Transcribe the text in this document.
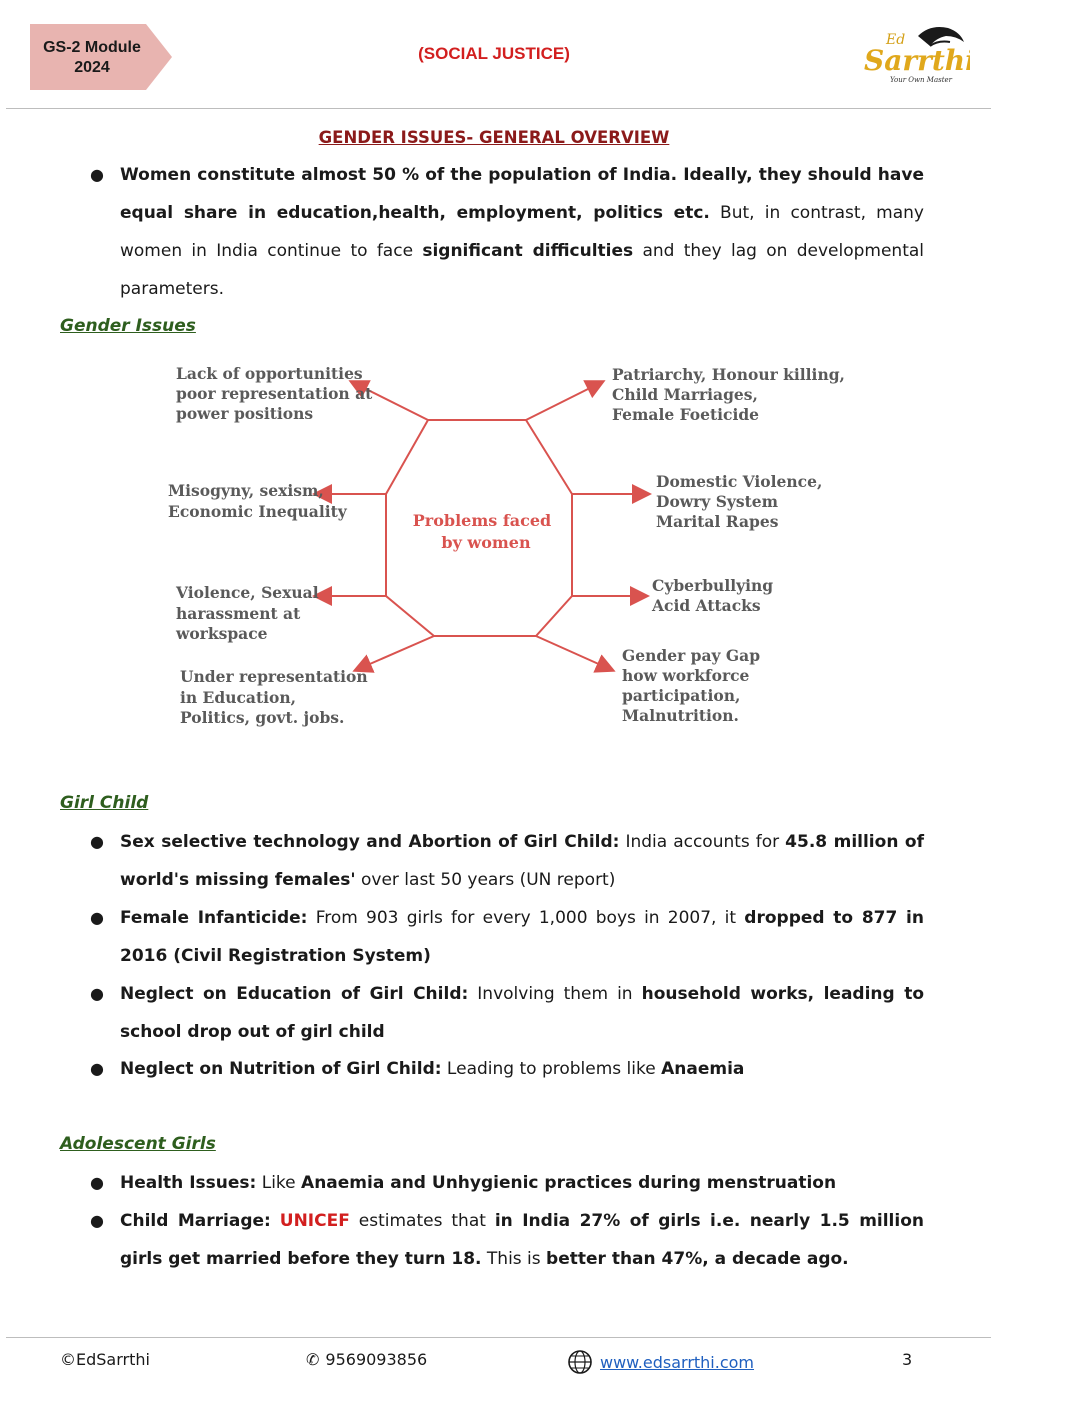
GS-2 Module
2024
(SOCIAL JUSTICE)
Ed
Sarrthi
Your Own Master
GENDER ISSUES- GENERAL OVERVIEW
● Women constitute almost 50 % of the population of India. Ideally, they should have equal share in education,health, employment, politics etc. But, in contrast, many women in India continue to face significant difficulties and they lag on developmental parameters.
Gender Issues
Problems faced
by women
Lack of opportunities
poor representation at
power positions
Patriarchy, Honour killing,
Child Marriages,
Female Foeticide
Misogyny, sexism,
Economic Inequality
Domestic Violence,
Dowry System
Marital Rapes
Violence, Sexual
harassment at
workspace
Cyberbullying
Acid Attacks
Under representation
in Education,
Politics, govt. jobs.
Gender pay Gap
how workforce
participation,
Malnutrition.
Girl Child
● Sex selective technology and Abortion of Girl Child: India accounts for 45.8 million of world's missing females' over last 50 years (UN report)
● Female Infanticide: From 903 girls for every 1,000 boys in 2007, it dropped to 877 in 2016 (Civil Registration System)
● Neglect on Education of Girl Child: Involving them in household works, leading to school drop out of girl child
● Neglect on Nutrition of Girl Child: Leading to problems like Anaemia
Adolescent Girls
● Health Issues: Like Anaemia and Unhygienic practices during menstruation
● Child Marriage: UNICEF estimates that in India 27% of girls i.e. nearly 1.5 million girls get married before they turn 18. This is better than 47%, a decade ago.
©EdSarrthi	✆ 9569093856	www.edsarrthi.com	3
